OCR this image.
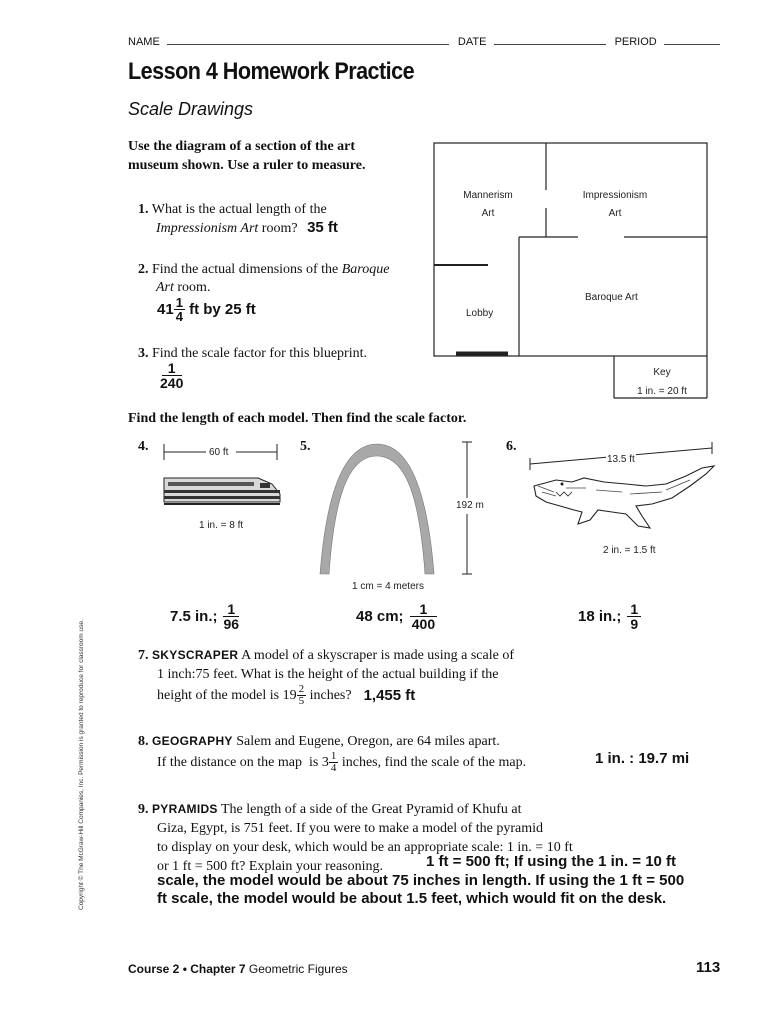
NAME	DATE	PERIOD
Lesson 4 Homework Practice
Scale Drawings
Use the diagram of a section of the art museum shown. Use a ruler to measure.
1. What is the actual length of the
Impressionism Art room? 35 ft
2. Find the actual dimensions of the Baroque
Art room.
$41 \frac{1}{4}$ ft by 25 ft
3. Find the scale factor for this blueprint.
$\frac{1}{240}$
Mannerism
Art
Impressionism
Art
Baroque Art
Lobby
Key
1 in. = 20 ft
Find the length of each model. Then find the scale factor.
4.	60 ft
1 in. = 8 ft
7.5 in.; $\frac{1}{96}$
5.
192 m
1 cm = 4 meters
48 cm; $\frac{1}{400}$
6.
13.5 ft
2 in. = 1.5 ft
18 in.; $\frac{1}{9}$
7. SKYSCRAPER A model of a skyscraper is made using a scale of
1 inch:75 feet. What is the height of the actual building if the

height of the model is $19 \frac{2}{5}$ inches? 1,455 ft
8. GEOGRAPHY Salem and Eugene, Oregon, are 64 miles apart.

If the distance on the map  is $3 \frac{1}{4}$ inches, find the scale of the map.	1 in. : 19.7 mi
9. PYRAMIDS The length of a side of the Great Pyramid of Khufu at
Giza, Egypt, is 751 feet. If you were to make a model of the pyramid
to display on your desk, which would be an appropriate scale: 1 in. = 10 ft
or 1 ft = 500 ft? Explain your reasoning.	1 ft = 500 ft; If using the 1 in. = 10 ft
scale, the model would be about 75 inches in length. If using the 1 ft = 500
ft scale, the model would be about 1.5 feet, which would fit on the desk.
Copyright © The McGraw-Hill Companies, Inc. Permission is granted to reproduce for classroom use.
Course 2 • Chapter 7 Geometric Figures	113
